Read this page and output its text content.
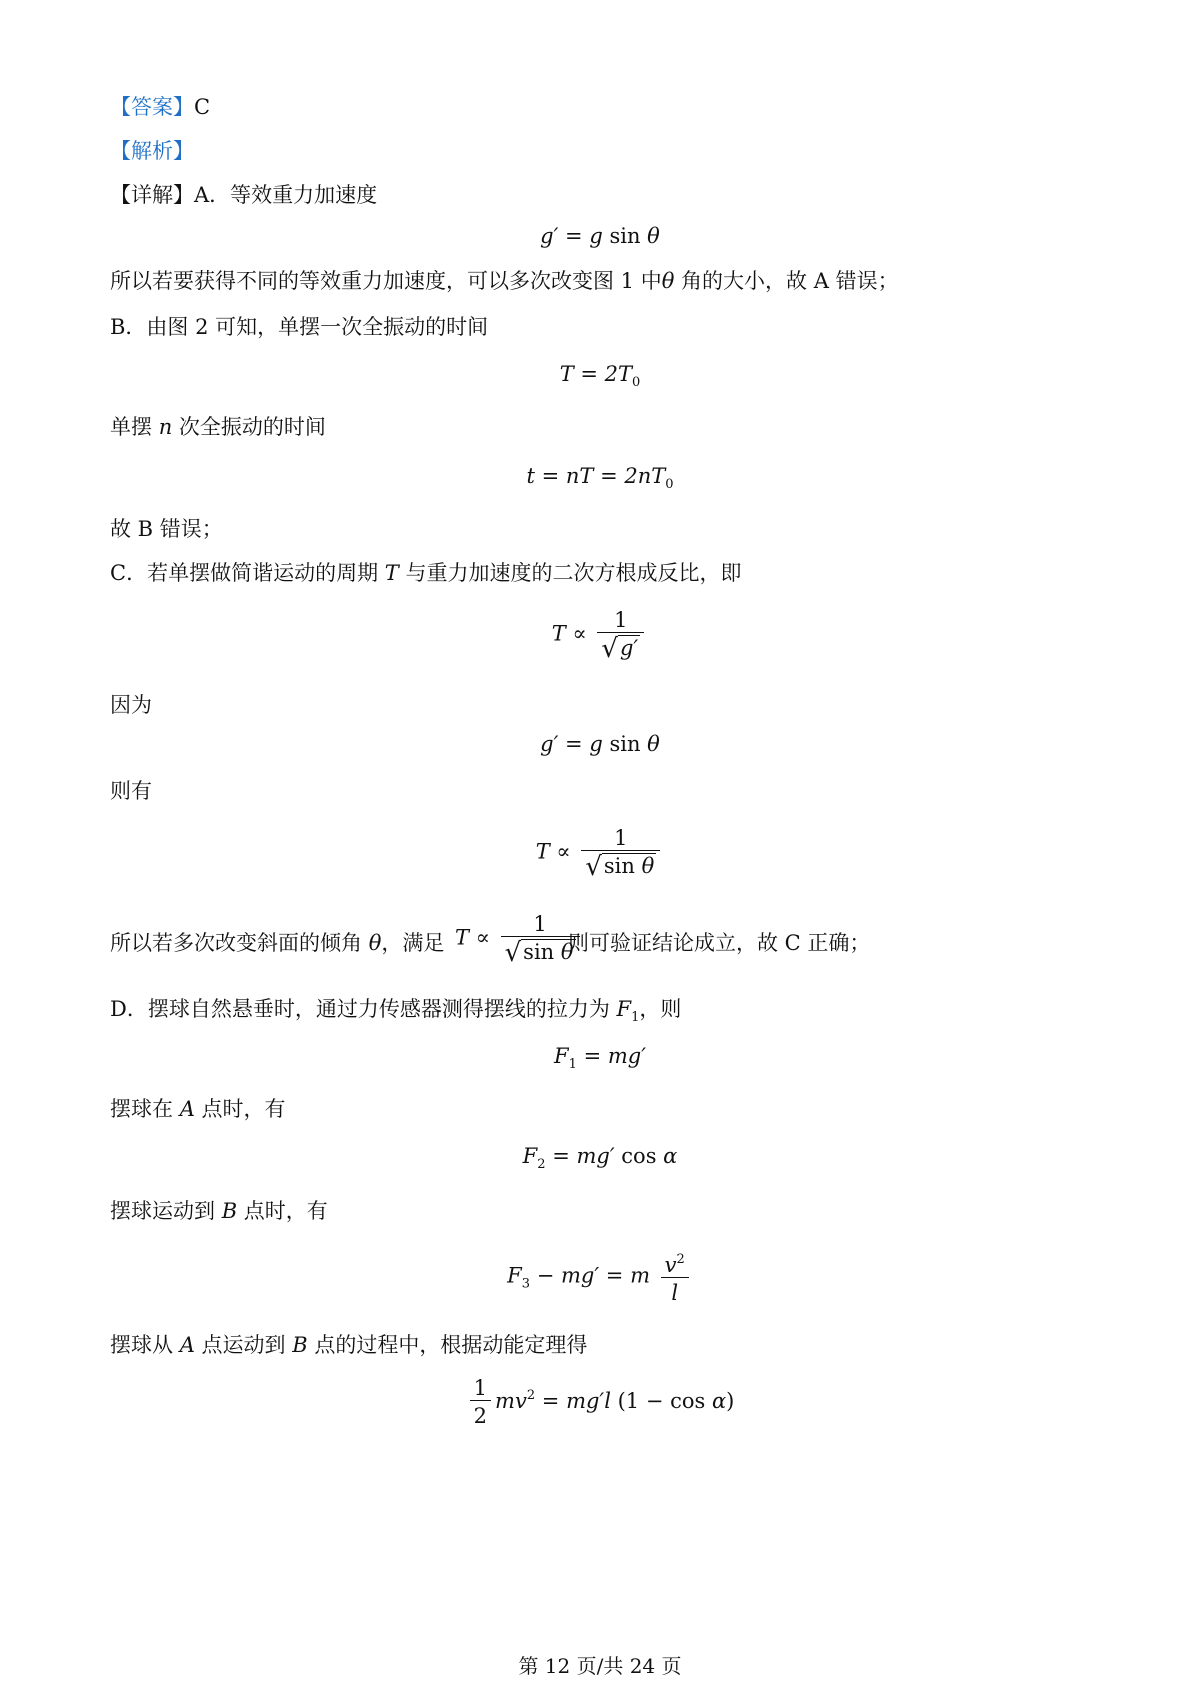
【答案】C
【解析】
【详解】A．等效重力加速度
g′ = g sin θ
所以若要获得不同的等效重力加速度，可以多次改变图 1 中θ 角的大小，故 A 错误；
B．由图 2 可知，单摆一次全振动的时间
$T = 2T_0$
单摆 n 次全振动的时间
t = nT = $2nT_0$
故 B 错误；
C．若单摆做简谐运动的周期 T 与重力加速度的二次方根成反比，即
$T \propto \frac{1}{√g'}$
因为
g′ = g sin θ
则有
$T \propto \frac{1}{\text{√sin θ}}$
所以若多次改变斜面的倾角 θ，满足 $T \propto \frac{1}{\text{√sin θ}}$
则可验证结论成立，故 C 正确；
D．摆球自然悬垂时，通过力传感器测得摆线的拉力为 $F_1$，则
$F_1 = mg'$
摆球在 A 点时，有
$F_2 = mg'$ cos α
摆球运动到 B 点时，有
$F_3 - mg' = m \frac{v^2}{l}$
摆球从 A 点运动到 B 点的过程中，根据动能定理得
$\frac{1}{2} mv^2 = mg'l$ (1 − cos α)
第 12 页/共 24 页
